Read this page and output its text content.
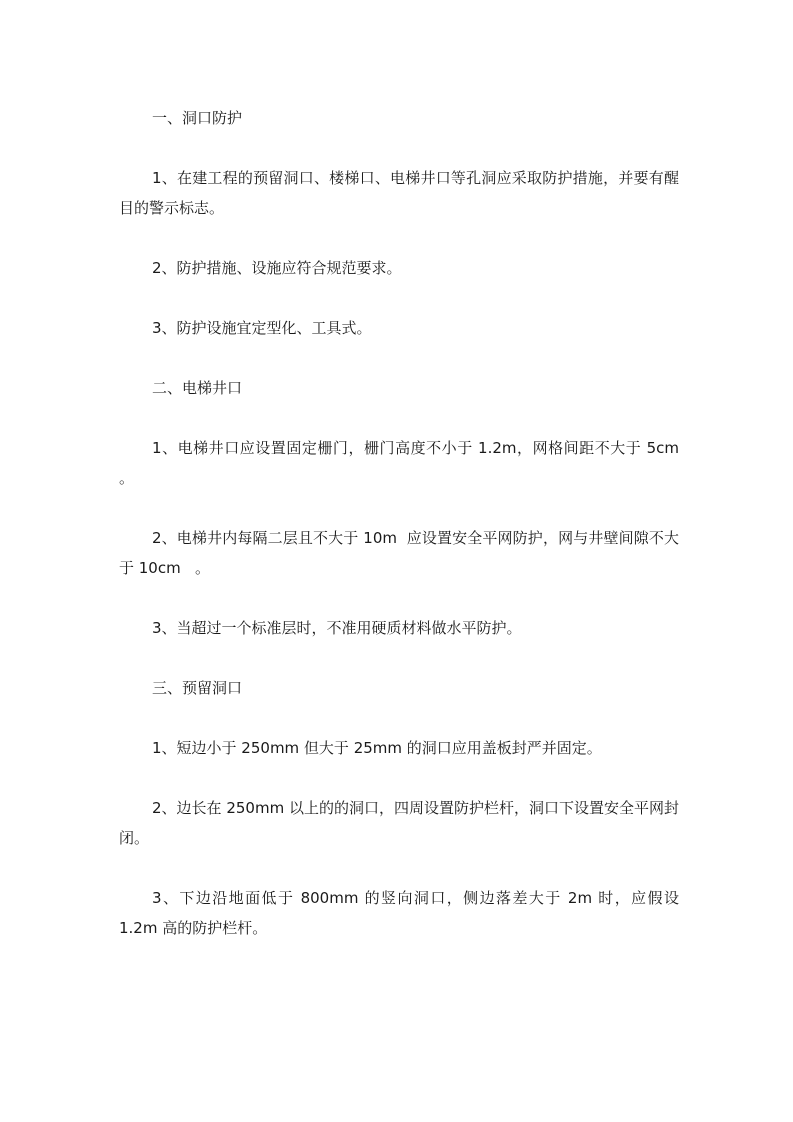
一、洞口防护

1、在建工程的预留洞口、楼梯口、电梯井口等孔洞应采取防护措施，并要有醒目的警示标志。

2、防护措施、设施应符合规范要求。

3、防护设施宜定型化、工具式。

二、电梯井口

1、电梯井口应设置固定栅门，栅门高度不小于 1.2m，网格间距不大于 5cm  。

2、电梯井内每隔二层且不大于 10m  应设置安全平网防护，网与井壁间隙不大于 10cm   。

3、当超过一个标准层时，不准用硬质材料做水平防护。

三、预留洞口

1、短边小于 250mm 但大于 25mm 的洞口应用盖板封严并固定。

2、边长在 250mm 以上的的洞口，四周设置防护栏杆，洞口下设置安全平网封闭。

3、下边沿地面低于 800mm 的竖向洞口，侧边落差大于 2m 时，应假设 1.2m 高的防护栏杆。
